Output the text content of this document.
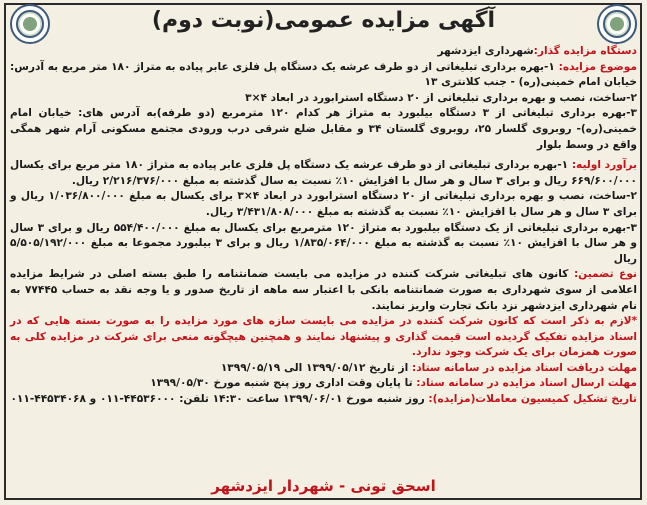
آگهی مزایده عمومی(نوبت دوم)
دستگاه مزایده گذار:شهرداری ایزدشهر
موضوع مزایده: ۱-بهره برداری تبلیغاتی از دو طرف عرشه یک دستگاه پل فلزی عابر پیاده به متراژ ۱۸۰ متر مربع به آدرس: خیابان امام خمینی(ره) - جنب کلانتری ۱۳
۲-ساخت، نصب و بهره برداری تبلیغاتی از ۲۰ دستگاه استرابورد در ابعاد ۴×۳
۳-بهره برداری تبلیغاتی از ۳ دستگاه بیلبورد به متراژ هر کدام ۱۲۰ مترمربع (دو طرفه)به آدرس های: خیابان امام خمینی(ره)- روبروی گلسار ۲۵، روبروی گلستان ۳۴ و مقابل ضلع شرقی درب ورودی مجتمع مسکونی آرام شهر همگی واقع در وسط بلوار
برآورد اولیه: ۱-بهره برداری تبلیغاتی از دو طرف عرشه یک دستگاه پل فلزی عابر پیاده به متراژ ۱۸۰ متر مربع برای یکسال ۶۶۹/۶۰۰/۰۰۰ ریال و برای ۳ سال و هر سال با افزایش ۱۰٪ نسبت به سال گذشته به مبلغ ۲/۲۱۶/۳۷۶/۰۰۰ ریال.
۲-ساخت، نصب و بهره برداری تبلیغاتی از ۲۰ دستگاه استرابورد در ابعاد ۴×۳ برای یکسال به مبلغ ۱/۰۳۶/۸۰۰/۰۰۰ ریال و برای ۳ سال و هر سال با افزایش ۱۰٪ نسبت به گذشته به مبلغ ۳/۴۳۱/۸۰۸/۰۰۰ ریال.
۳-بهره برداری تبلیغاتی از یک دستگاه بیلبورد به متراژ ۱۲۰ مترمربع برای یکسال به مبلغ ۵۵۴/۴۰۰/۰۰۰ ریال و برای ۳ سال و هر سال با افزایش ۱۰٪ نسبت به گذشته به مبلغ ۱/۸۳۵/۰۶۴/۰۰۰ ریال و برای ۳ بیلبورد مجموعا به مبلغ ۵/۵۰۵/۱۹۲/۰۰۰ ریال
نوع تضمین: کانون های تبلیغاتی شرکت کننده در مزایده می بایست ضمانتنامه را طبق بسته اصلی در شرایط مزایده اعلامی از سوی شهرداری به صورت ضمانتنامه بانکی با اعتبار سه ماهه از تاریخ صدور و یا وجه نقد به حساب ۷۷۴۴۵ به نام شهرداری ایزدشهر نزد بانک تجارت واریز نمایند.
*لازم به ذکر است که کانون شرکت کننده در مزایده می بایست سازه های مورد مزایده را به صورت بسته هایی که در اسناد مزایده تفکیک گردیده است قیمت گذاری و پیشنهاد نمایند و همچنین هیچگونه منعی برای شرکت در مزایده کلی به صورت همزمان برای یک شرکت وجود ندارد.
مهلت دریافت اسناد مزایده در سامانه ستاد: از تاریخ ۱۳۹۹/۰۵/۱۲ الی ۱۳۹۹/۰۵/۱۹
مهلت ارسال اسناد مزایده در سامانه ستاد: تا پایان وقت اداری روز پنج شنبه مورخ ۱۳۹۹/۰۵/۳۰
تاریخ تشکیل کمیسیون معاملات(مزایده): روز شنبه مورخ ۱۳۹۹/۰۶/۰۱ ساعت ۱۴:۳۰ تلفن: ۴۴۵۳۶۰۰۰-۰۱۱ و ۴۴۵۳۴۰۶۸-۰۱۱
اسحق تونی - شهردار ایزدشهر
